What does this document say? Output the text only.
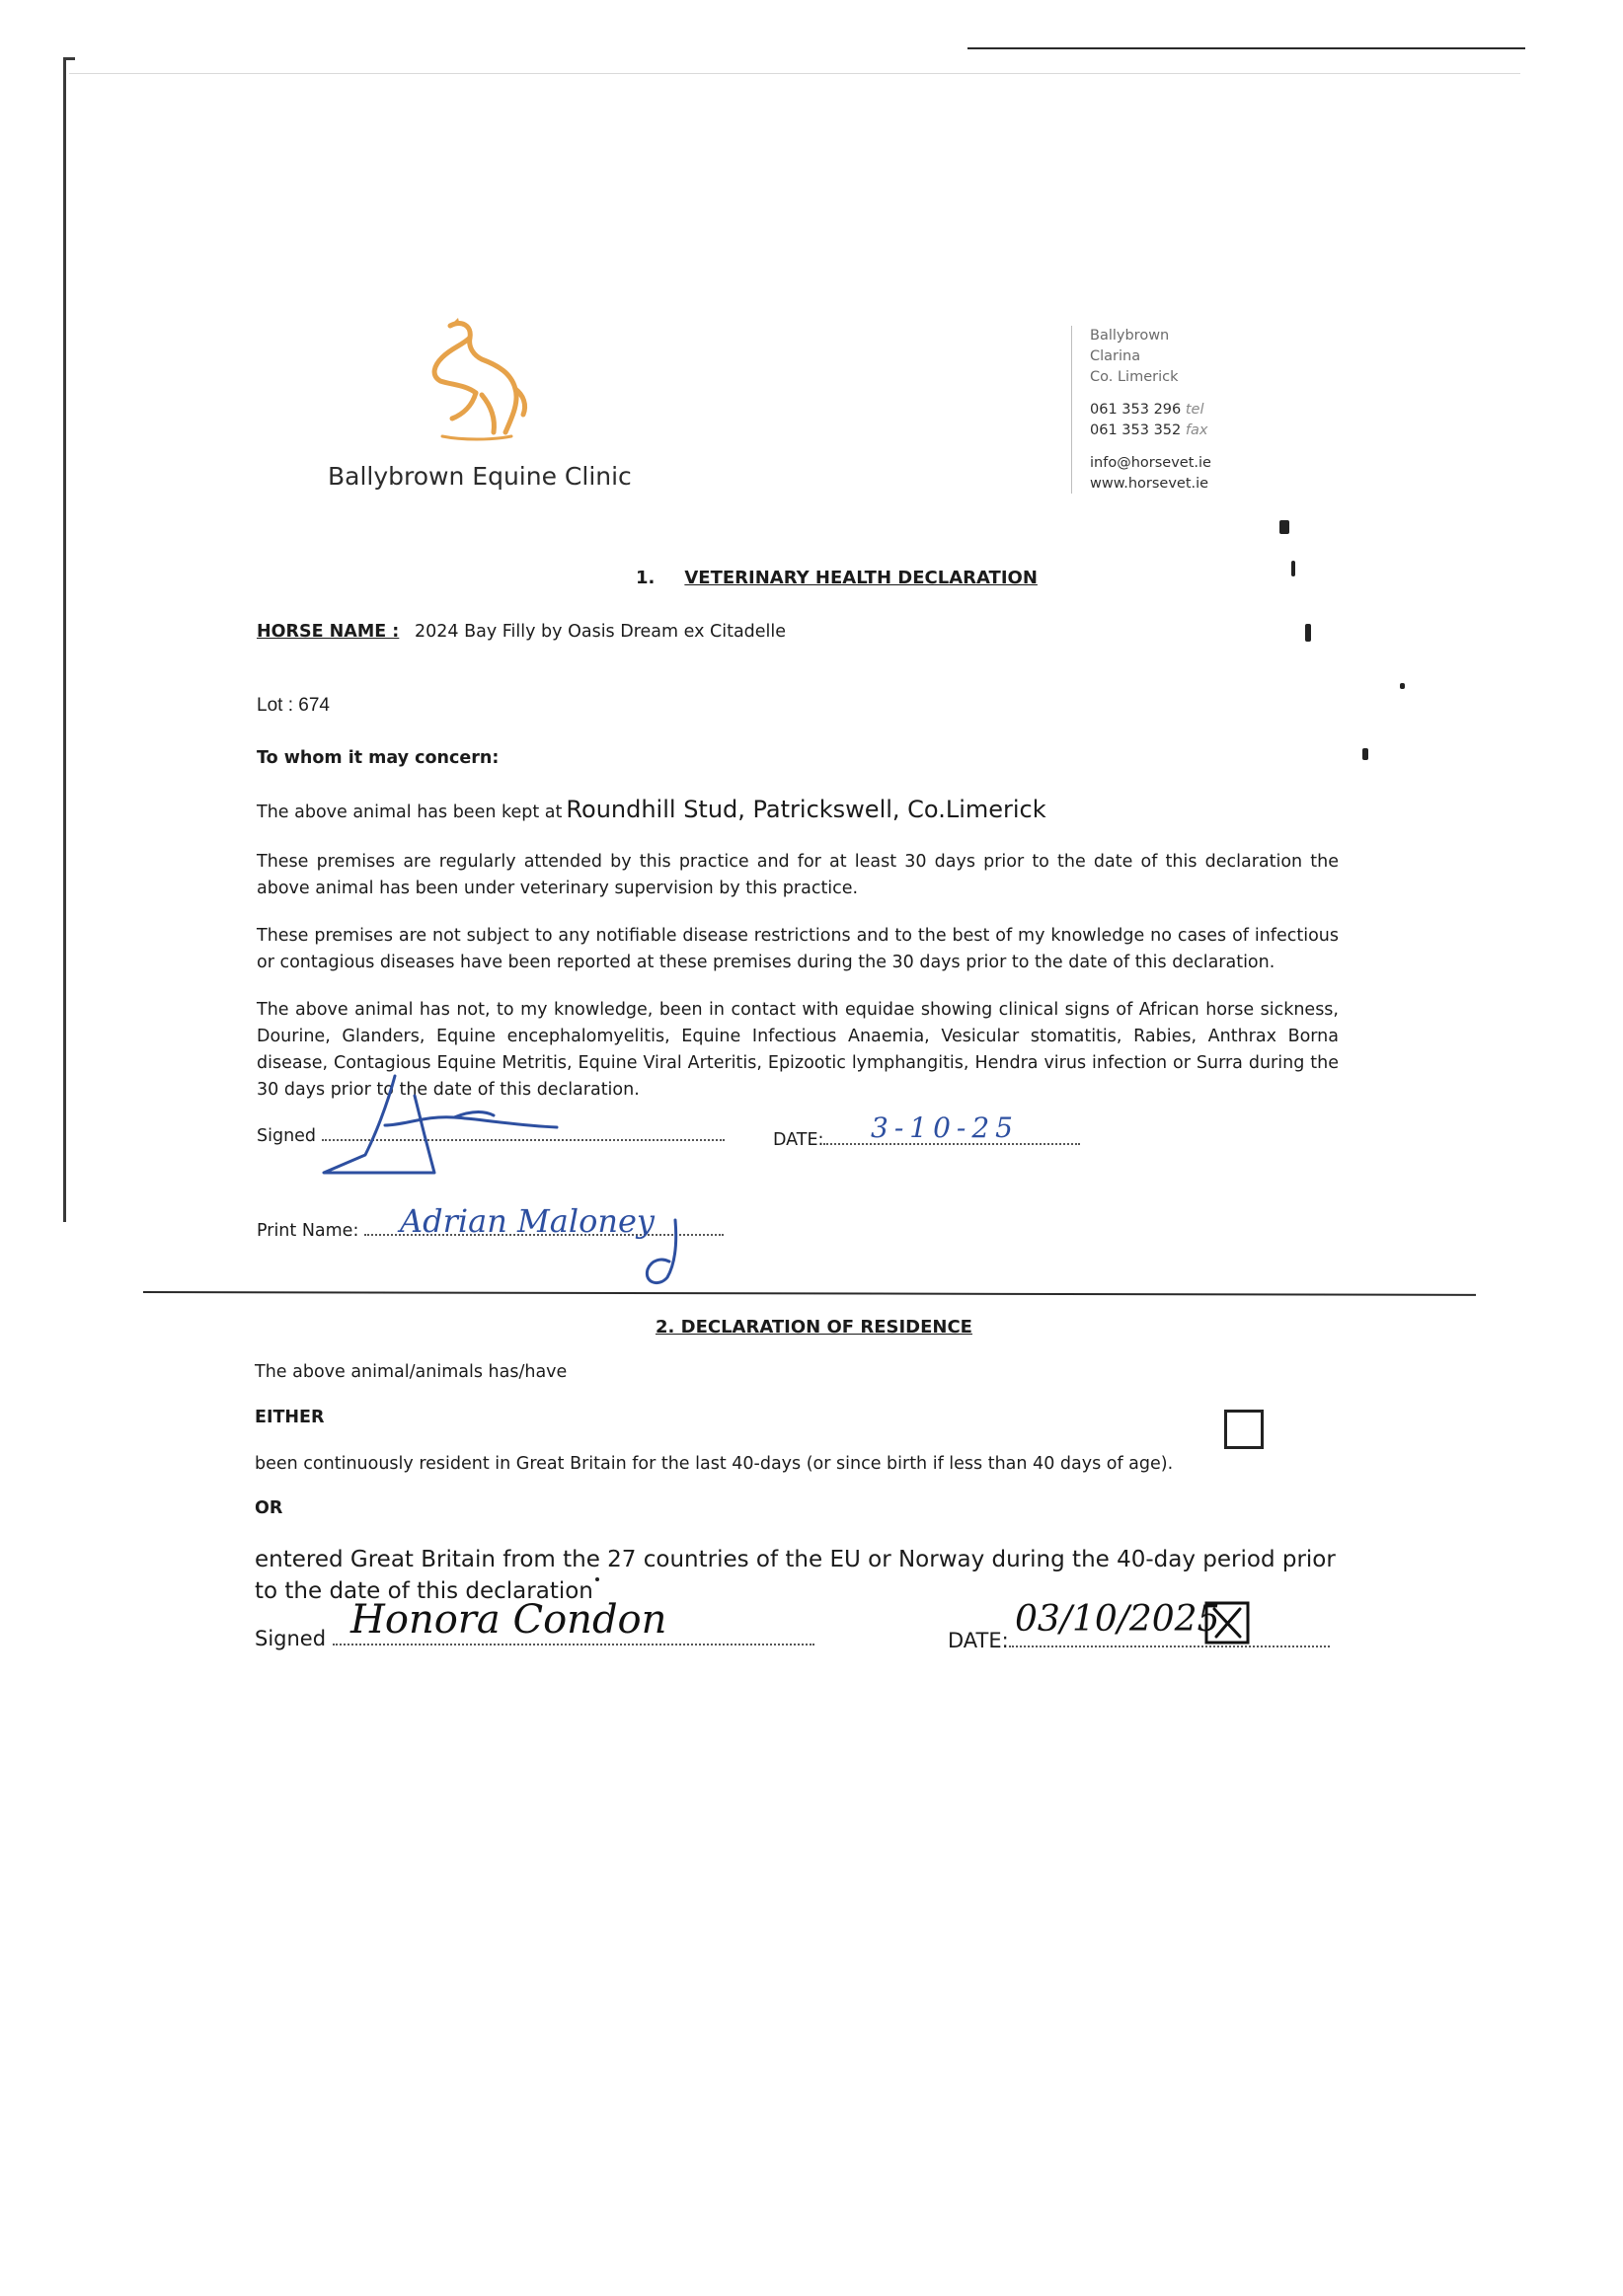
Ballybrown Equine Clinic
Ballybrown
Clarina
Co. Limerick
061 353 296 tel
061 353 352 fax
info@horsevet.ie
www.horsevet.ie
1. VETERINARY HEALTH DECLARATION
HORSE NAME : 2024 Bay Filly by Oasis Dream ex Citadelle
Lot : 674
To whom it may concern:
The above animal has been kept at Roundhill Stud, Patrickswell, Co.Limerick
These premises are regularly attended by this practice and for at least 30 days prior to the date of this declaration the above animal has been under veterinary supervision by this practice.
These premises are not subject to any notifiable disease restrictions and to the best of my knowledge no cases of infectious or contagious diseases have been reported at these premises during the 30 days prior to the date of this declaration.
The above animal has not, to my knowledge, been in contact with equidae showing clinical signs of African horse sickness, Dourine, Glanders, Equine encephalomyelitis, Equine Infectious Anaemia, Vesicular stomatitis, Rabies, Anthrax Borna disease, Contagious Equine Metritis, Equine Viral Arteritis, Epizootic lymphangitis, Hendra virus infection or Surra during the 30 days prior to the date of this declaration.
Signed	DATE:	3-10-25
Print Name:	Adrian Maloney
2. DECLARATION OF RESIDENCE
The above animal/animals has/have
EITHER
been continuously resident in Great Britain for the last 40-days (or since birth if less than 40 days of age).
OR
entered Great Britain from the 27 countries of the EU or Norway during the 40-day period prior to the date of this declaration
Signed Honora Condon	DATE:
03/10/2025
